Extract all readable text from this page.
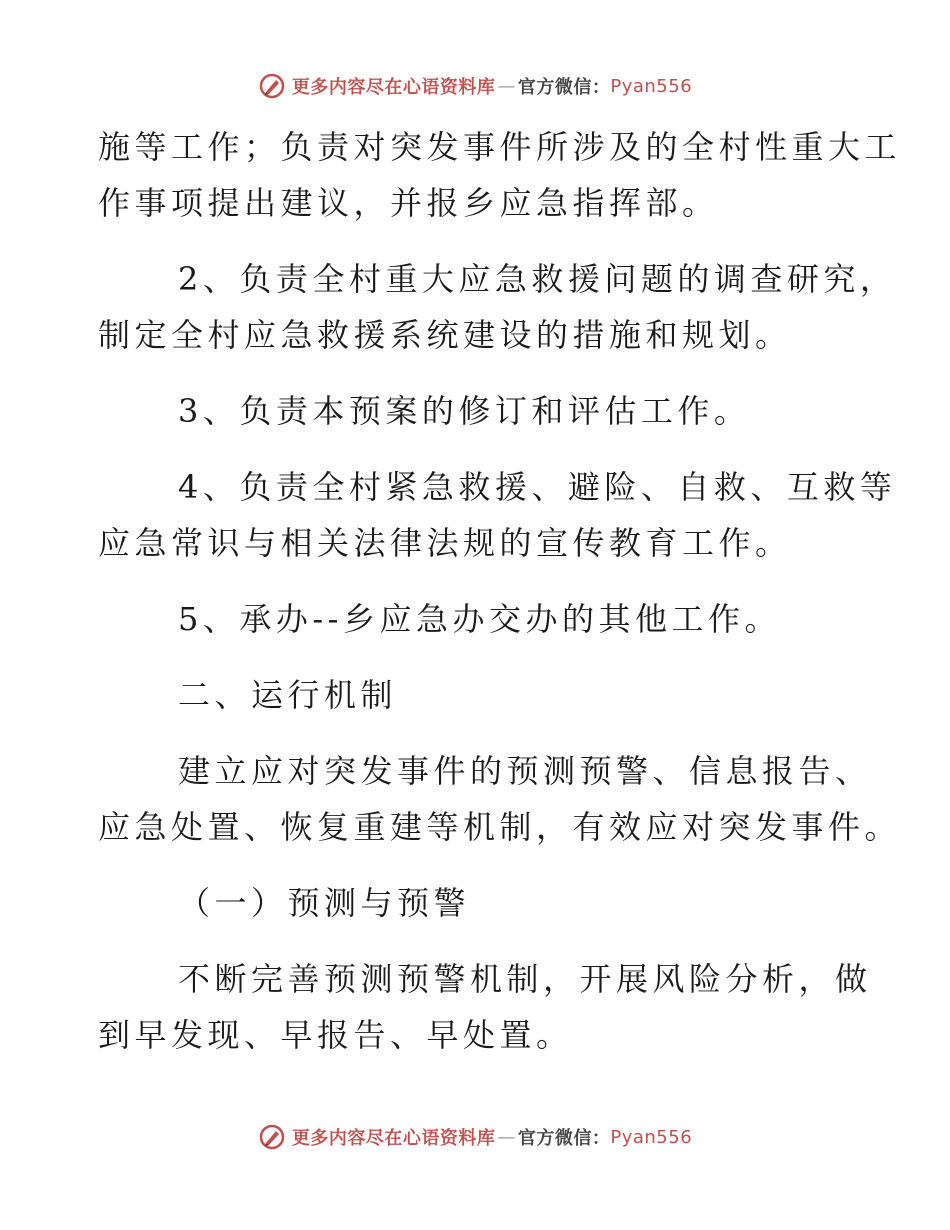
更多内容尽在心语资料库 — 官方微信： Pyan556
施等工作；负责对突发事件所涉及的全村性重大工
作事项提出建议，并报乡应急指挥部。
2、负责全村重大应急救援问题的调查研究，
制定全村应急救援系统建设的措施和规划。
3、负责本预案的修订和评估工作。
4、负责全村紧急救援、避险、自救、互救等
应急常识与相关法律法规的宣传教育工作。
5、承办--乡应急办交办的其他工作。
二、运行机制
建立应对突发事件的预测预警、信息报告、
应急处置、恢复重建等机制，有效应对突发事件。
（一）预测与预警
不断完善预测预警机制，开展风险分析，做
到早发现、早报告、早处置。
更多内容尽在心语资料库 — 官方微信： Pyan556
